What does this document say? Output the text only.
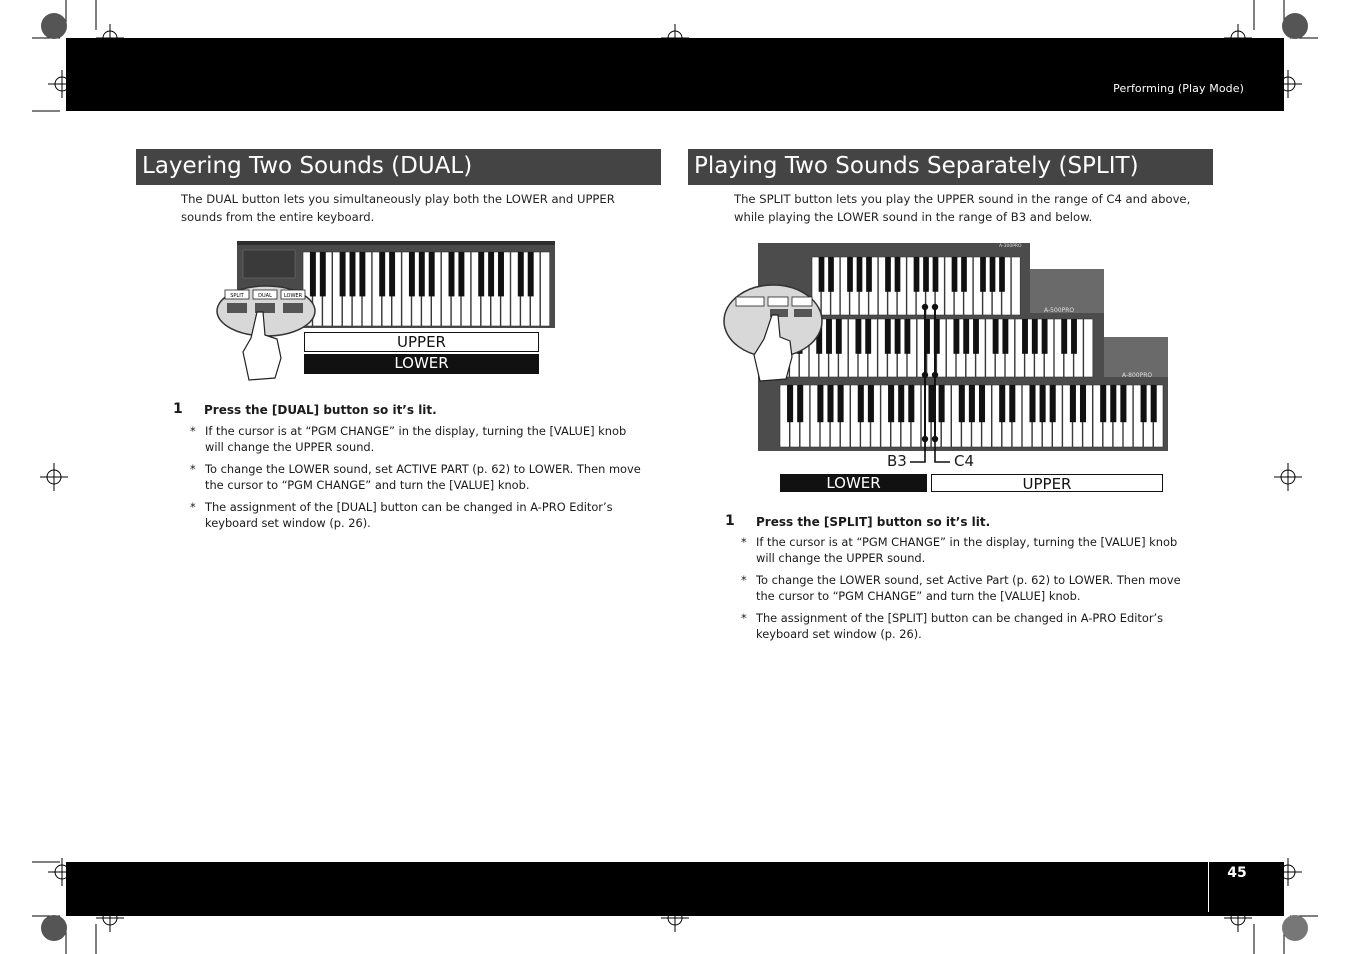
Performing (Play Mode)
45
Layering Two Sounds (DUAL)
The DUAL button lets you simultaneously play both the LOWER and UPPER sounds from the entire keyboard.
SPLIT	DUAL LOWER
UPPER
LOWER
1 Press the [DUAL] button so it’s lit.
* If the cursor is at “PGM CHANGE” in the display, turning the [VALUE] knob will change the UPPER sound.
* To change the LOWER sound, set ACTIVE PART (p. 62) to LOWER. Then move the cursor to “PGM CHANGE” and turn the [VALUE] knob.
* The assignment of the [DUAL] button can be changed in A-PRO Editor’s keyboard set window (p. 26).
Playing Two Sounds Separately (SPLIT)
The SPLIT button lets you play the UPPER sound in the range of C4 and above, while playing the LOWER sound in the range of B3 and below.
A-300PRO
A-500PRO
A-800PRO
B3	C4
LOWER	UPPER
1 Press the [SPLIT] button so it’s lit.
* If the cursor is at “PGM CHANGE” in the display, turning the [VALUE] knob will change the UPPER sound.
* To change the LOWER sound, set Active Part (p. 62) to LOWER. Then move the cursor to “PGM CHANGE” and turn the [VALUE] knob.
* The assignment of the [SPLIT] button can be changed in A-PRO Editor’s keyboard set window (p. 26).
